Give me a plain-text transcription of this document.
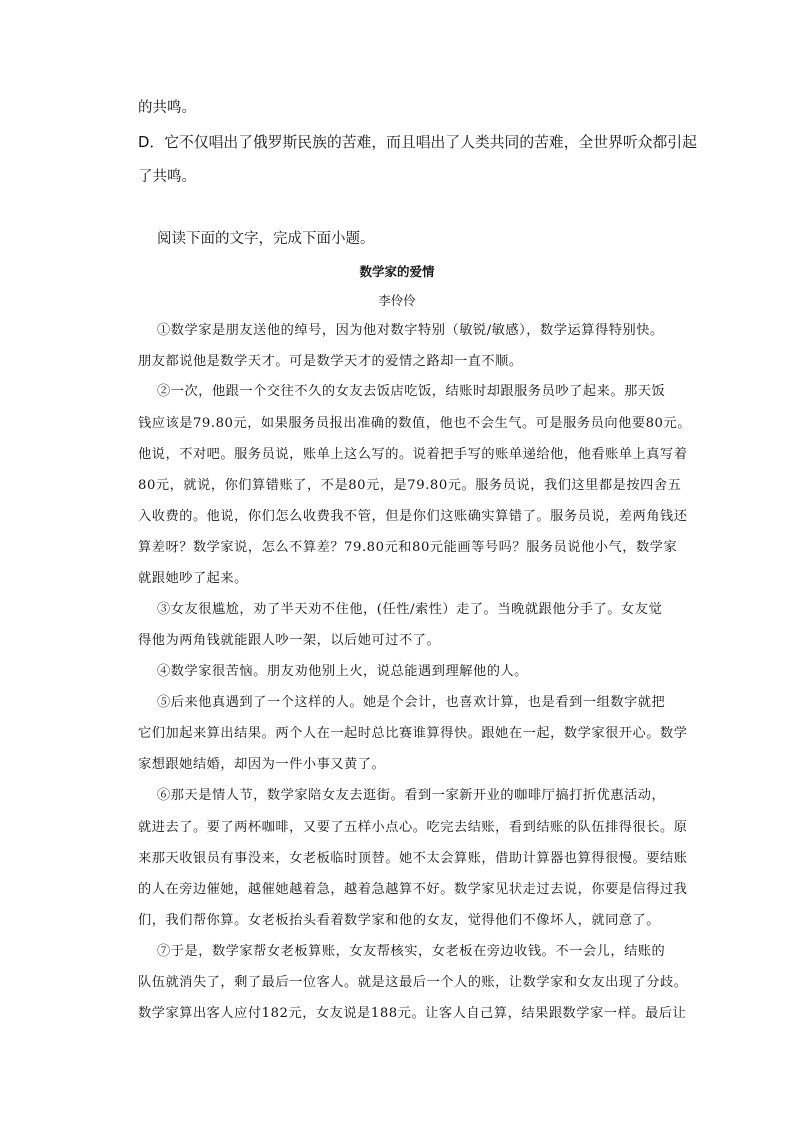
的共鸣。
D．它不仅唱出了俄罗斯民族的苦难，而且唱出了人类共同的苦难，全世界听众都引起
了共鸣。
阅读下面的文字，完成下面小题。
数学家的爱情
李伶伶
①数学家是朋友送他的绰号，因为他对数字特别（敏锐/敏感），数学运算得特别快。
朋友都说他是数学天才。可是数学天才的爱情之路却一直不顺。
②一次，他跟一个交往不久的女友去饭店吃饭，结账时却跟服务员吵了起来。那天饭
钱应该是79.80元，如果服务员报出准确的数值，他也不会生气。可是服务员向他要80元。
他说，不对吧。服务员说，账单上这么写的。说着把手写的账单递给他，他看账单上真写着
80元，就说，你们算错账了，不是80元，是79.80元。服务员说，我们这里都是按四舍五
入收费的。他说，你们怎么收费我不管，但是你们这账确实算错了。服务员说，差两角钱还
算差呀？数学家说，怎么不算差？79.80元和80元能画等号吗？服务员说他小气，数学家
就跟她吵了起来。
③女友很尴尬，劝了半天劝不住他，(任性/索性）走了。当晚就跟他分手了。女友觉
得他为两角钱就能跟人吵一架，以后她可过不了。
④数学家很苦恼。朋友劝他别上火，说总能遇到理解他的人。
⑤后来他真遇到了一个这样的人。她是个会计，也喜欢计算，也是看到一组数字就把
它们加起来算出结果。两个人在一起时总比赛谁算得快。跟她在一起，数学家很开心。数学
家想跟她结婚，却因为一件小事又黄了。
⑥那天是情人节，数学家陪女友去逛街。看到一家新开业的咖啡厅搞打折优惠活动，
就进去了。要了两杯咖啡，又要了五样小点心。吃完去结账，看到结账的队伍排得很长。原
来那天收银员有事没来，女老板临时顶替。她不太会算账，借助计算器也算得很慢。要结账
的人在旁边催她，越催她越着急，越着急越算不好。数学家见状走过去说，你要是信得过我
们，我们帮你算。女老板抬头看着数学家和他的女友，觉得他们不像坏人，就同意了。
⑦于是，数学家帮女老板算账，女友帮核实，女老板在旁边收钱。不一会儿，结账的
队伍就消失了，剩了最后一位客人。就是这最后一个人的账，让数学家和女友出现了分歧。
数学家算出客人应付182元，女友说是188元。让客人自己算，结果跟数学家一样。最后让
